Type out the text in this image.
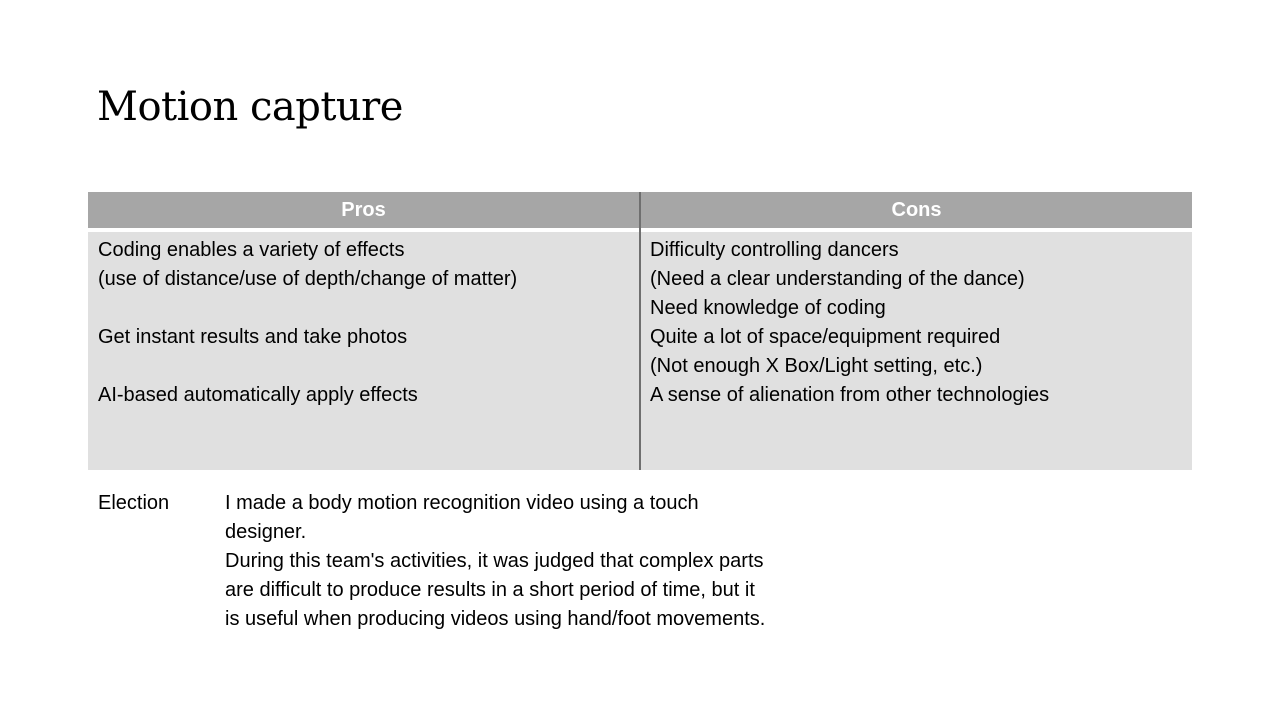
Motion capture
Pros	Cons
Coding enables a variety of effects
(use of distance/use of depth/change of matter)
Get instant results and take photos
AI-based automatically apply effects
Difficulty controlling dancers
(Need a clear understanding of the dance)
Need knowledge of coding
Quite a lot of space/equipment required
(Not enough X Box/Light setting, etc.)
A sense of alienation from other technologies
Election	I made a body motion recognition video using a touch
designer.
During this team's activities, it was judged that complex parts
are difficult to produce results in a short period of time, but it
is useful when producing videos using hand/foot movements.
